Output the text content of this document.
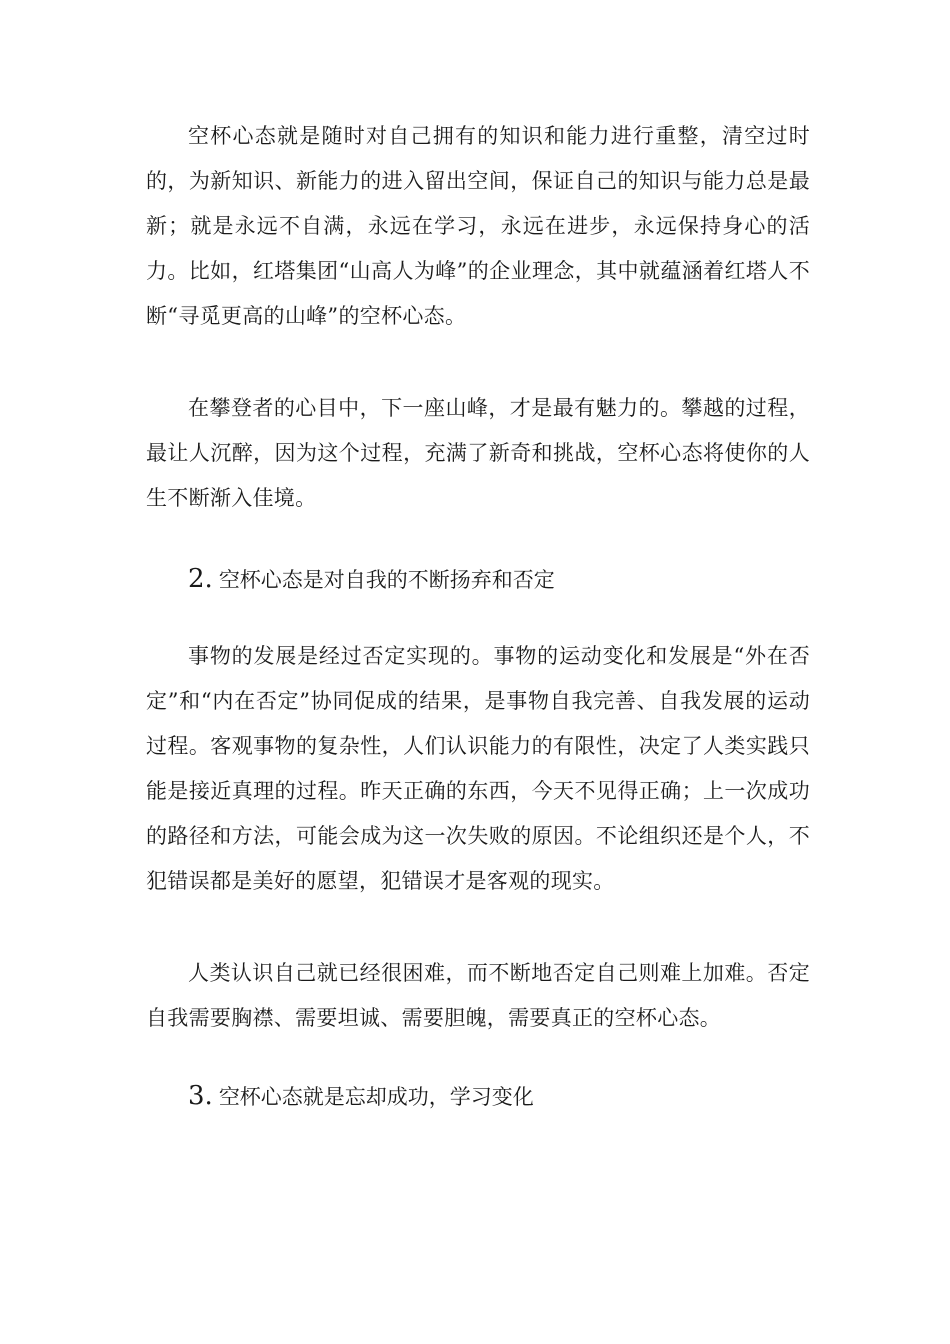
空杯心态就是随时对自己拥有的知识和能力进行重整，清空过时的，为新知识、新能力的进入留出空间，保证自己的知识与能力总是最新；就是永远不自满，永远在学习，永远在进步，永远保持身心的活力。比如，红塔集团“山高人为峰”的企业理念，其中就蕴涵着红塔人不断“寻觅更高的山峰”的空杯心态。

在攀登者的心目中，下一座山峰，才是最有魅力的。攀越的过程，最让人沉醉，因为这个过程，充满了新奇和挑战，空杯心态将使你的人生不断渐入佳境。

2. 空杯心态是对自我的不断扬弃和否定

事物的发展是经过否定实现的。事物的运动变化和发展是“外在否定”和“内在否定”协同促成的结果，是事物自我完善、自我发展的运动过程。客观事物的复杂性，人们认识能力的有限性，决定了人类实践只能是接近真理的过程。昨天正确的东西，今天不见得正确；上一次成功的路径和方法，可能会成为这一次失败的原因。不论组织还是个人，不犯错误都是美好的愿望，犯错误才是客观的现实。

人类认识自己就已经很困难，而不断地否定自己则难上加难。否定自我需要胸襟、需要坦诚、需要胆魄，需要真正的空杯心态。

3. 空杯心态就是忘却成功，学习变化
